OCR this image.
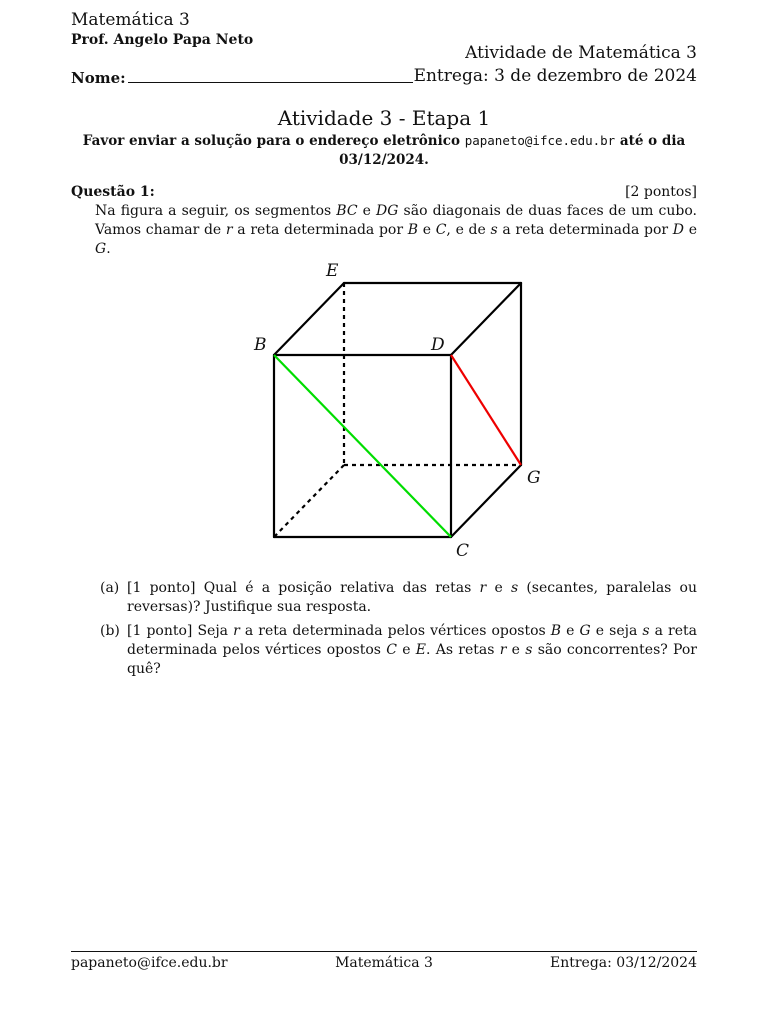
Matemática 3
Prof. Angelo Papa Neto
Atividade de Matemática 3
Nome:	Entrega: 3 de dezembro de 2024
Atividade 3 - Etapa 1
Favor enviar a solução para o endereço eletrônico papaneto@ifce.edu.br até o dia 03/12/2024.
Questão 1:	[2 pontos]
Na figura a seguir, os segmentos BC e DG são diagonais de duas faces de um cubo. Vamos chamar de r a reta determinada por B e C, e de s a reta determinada por D e G.
E
B	D
G
C
(a) [1 ponto] Qual é a posição relativa das retas r e s (secantes, paralelas ou reversas)? Justifique sua resposta.
(b) [1 ponto] Seja r a reta determinada pelos vértices opostos B e G e seja s a reta determinada pelos vértices opostos C e E. As retas r e s são concorrentes? Por quê?
papaneto@ifce.edu.br	Matemática 3	Entrega: 03/12/2024
